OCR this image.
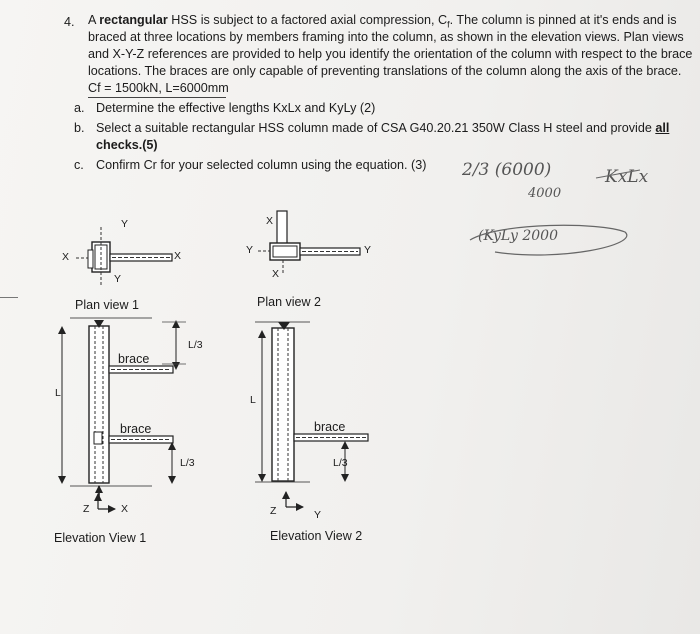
4. A rectangular HSS is subject to a factored axial compression, $C_f$. The column is pinned at it's ends and is
braced at three locations by members framing into the column, as shown in the elevation views. Plan views
and X-Y-Z references are provided to help you identify the orientation of the column with respect to the brace
locations. The braces are only capable of preventing translations of the column along the axis of the brace.
Cf = 1500kN, L=6000mm
a. Determine the effective lengths KxLx and KyLy (2)
b. Select a suitable rectangular HSS column made of CSA G40.20.21 350W Class H steel and provide all
checks.(5)
c. Confirm Cr for your selected column using the equation. (3) 2/3 (6000)	KxLx
4000
(KyLy 2000
Y
X	X
Y
Plan view 1
X
Y	Y
X
Plan view 2
brace
brace
L/3
L/3
L
Z	X
Elevation View 1
brace
L/3
L
Z	Y
Elevation View 2
